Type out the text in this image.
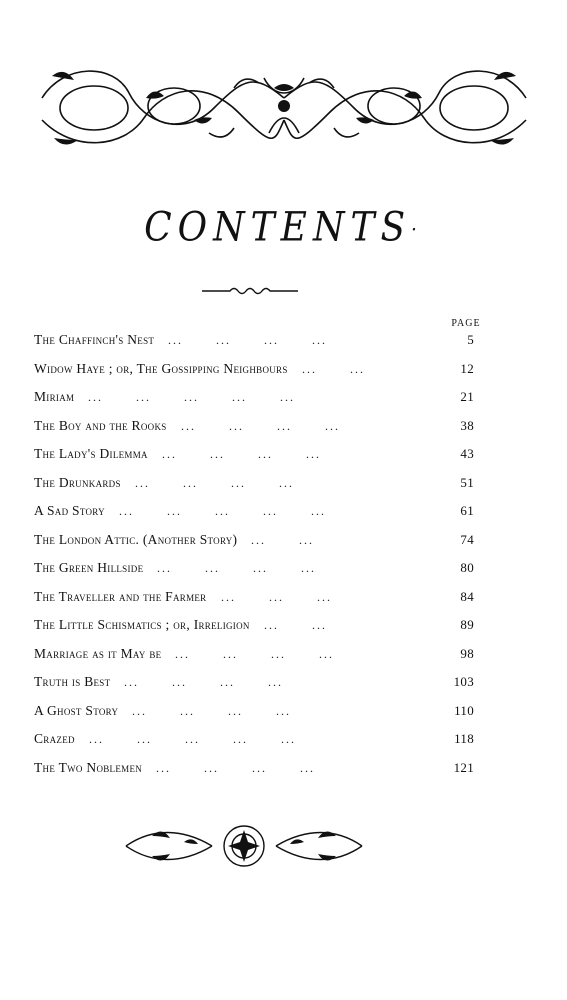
CONTENTS·
PAGE
The Chaffinch's Nest	5
...   ...   ...   ...
Widow Haye ; or, The Gossipping Neighbours	12
...   ...
Miriam	21
...   ...   ...   ...   ...
The Boy and the Rooks	38
...   ...   ...   ...
The Lady's Dilemma	43
...   ...   ...   ...
The Drunkards	51
...   ...   ...   ...
A Sad Story	61
...   ...   ...   ...   ...
The London Attic. (Another Story)	74
...   ...
The Green Hillside	80
...   ...   ...   ...
The Traveller and the Farmer	84
...   ...   ...
The Little Schismatics ; or, Irreligion	89
...   ...
Marriage as it May be	98
...   ...   ...   ...
Truth is Best	103
...   ...   ...   ...
A Ghost Story	110
...   ...   ...   ...
Crazed	118
...   ...   ...   ...   ...
The Two Noblemen	121
...   ...   ...   ...
